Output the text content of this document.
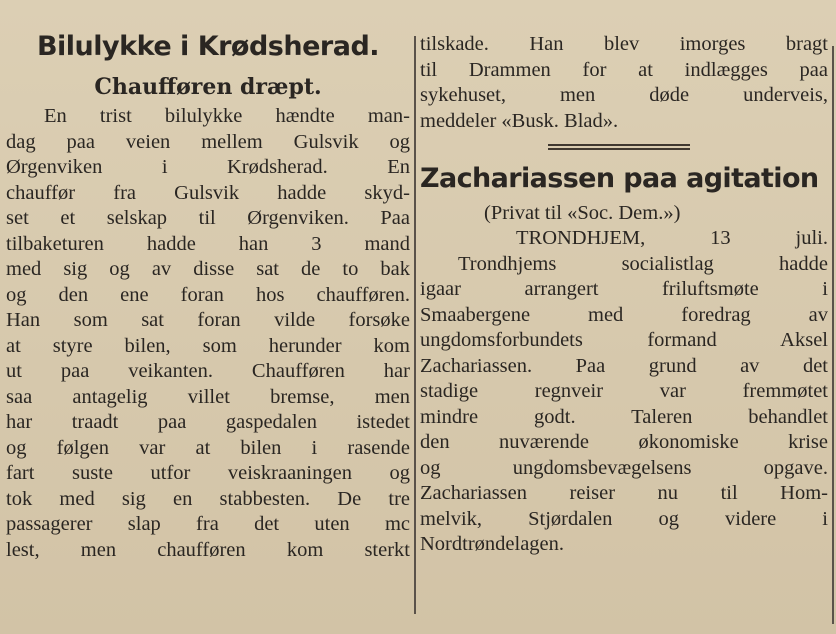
Bilulykke i Krødsherad.
Chaufføren dræpt.
En trist bilulykke hændte man-
dag paa veien mellem Gulsvik og
Ørgenviken i Krødsherad. En
chauffør fra Gulsvik hadde skyd-
set et selskap til Ørgenviken. Paa
tilbaketuren hadde han 3 mand
med sig og av disse sat de to bak
og den ene foran hos chaufføren.
Han som sat foran vilde forsøke
at styre bilen, som herunder kom
ut paa veikanten. Chaufføren har
saa antagelig villet bremse, men
har traadt paa gaspedalen istedet
og følgen var at bilen i rasende
fart suste utfor veiskraaningen og
tok med sig en stabbesten. De tre
passagerer slap fra det uten mc
lest, men chaufføren kom sterkt
tilskade. Han blev imorges bragt
til Drammen for at indlægges paa
sykehuset, men døde underveis,
meddeler «Busk. Blad».
Zachariassen paa agitation
(Privat til «Soc. Dem.»)
TRONDHJEM, 13 juli.
Trondhjems socialistlag hadde
igaar arrangert friluftsmøte i
Smaabergene med foredrag av
ungdomsforbundets formand Aksel
Zachariassen. Paa grund av det
stadige regnveir var fremmøtet
mindre godt. Taleren behandlet
den nuværende økonomiske krise
og ungdomsbevægelsens opgave.
Zachariassen reiser nu til Hom-
melvik, Stjørdalen og videre i
Nordtrøndelagen.
